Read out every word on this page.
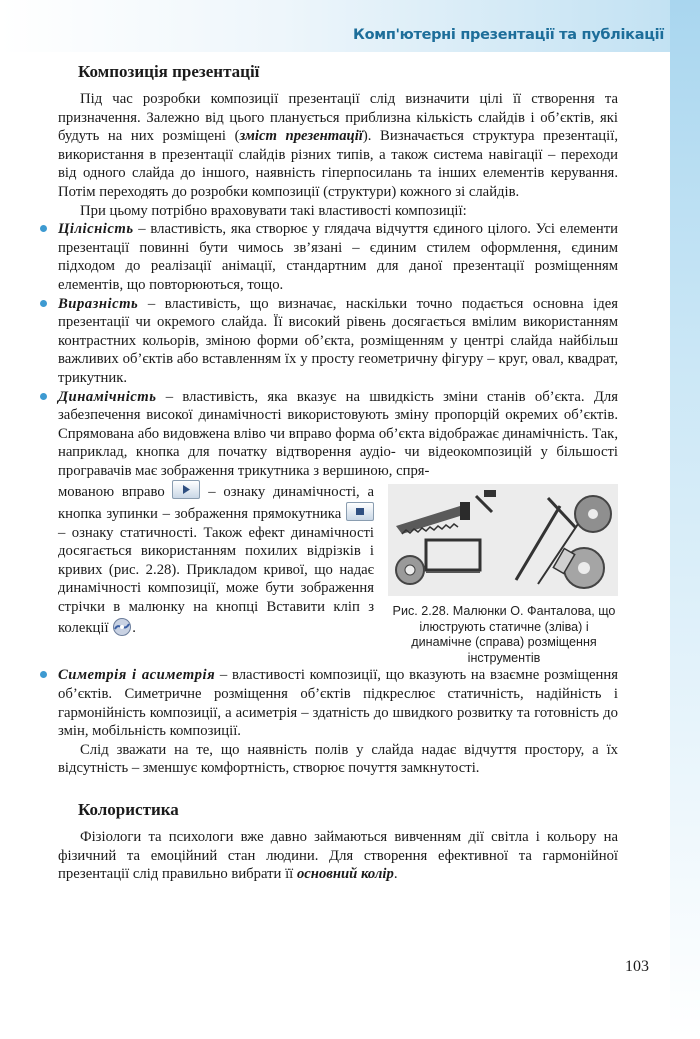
Комп'ютерні презентації та публікації
Композиція презентації

Під час розробки композиції презентації слід визначити цілі її створення та призначення. Залежно від цього планується приблизна кількість слайдів і об’єктів, які будуть на них розміщені (зміст презентації). Визначається структура презентації, використання в презентації слайдів різних типів, а також система навігації – переходи від одного слайда до іншого, наявність гіперпосилань та інших елементів керування. Потім переходять до розробки композиції (структури) кожного зі слайдів.

При цьому потрібно враховувати такі властивості композиції:

Цілісність – властивість, яка створює у глядача відчуття єдиного цілого. Усі елементи презентації повинні бути чимось зв’язані – єдиним стилем оформлення, єдиним підходом до реалізації анімації, стандартним для даної презентації розміщенням елементів, що повторюються, тощо.

Виразність – властивість, що визначає, наскільки точно подається основна ідея презентації чи окремого слайда. Її високий рівень досягається вмілим використанням контрастних кольорів, зміною форми об’єкта, розміщенням у центрі слайда найбільш важливих об’єктів або вставленням їх у просту геометричну фігуру – круг, овал, квадрат, трикутник.

Динамічність – властивість, яка вказує на швидкість зміни станів об’єкта. Для забезпечення високої динамічності використовують зміну пропорцій окремих об’єктів. Спрямована або видовжена вліво чи вправо форма об’єкта відображає динамічність. Так, наприклад, кнопка для початку відтворення аудіо- чи відеокомпозицій у більшості програвачів має зображення трикутника з вершиною, спря-

мованою вправо
– ознаку динамічності, а кнопка зупинки – зображення прямокутника
– ознаку статичності. Також ефект динамічності досягається використанням похилих відрізків і кривих (рис. 2.28). Прикладом кривої, що надає динамічності композиції, може бути зображення стрічки в малюнку на кнопці Вставити кліп з колекції .

Рис. 2.28. Малюнки О. Фанталова, що ілюструють статичне (зліва) і динамічне (справа) розміщення інструментів

Симетрія і асиметрія – властивості композиції, що вказують на взаємне розміщення об’єктів. Симетричне розміщення об’єктів підкреслює статичність, надійність і гармонійність композиції, а асиметрія – здатність до швидкого розвитку та готовність до змін, мобільність композиції.

Слід зважати на те, що наявність полів у слайда надає відчуття простору, а їх відсутність – зменшує комфортність, створює почуття замкнутості.

Колористика

Фізіологи та психологи вже давно займаються вивченням дії світла і кольору на фізичний та емоційний стан людини. Для створення ефективної та гармонійної презентації слід правильно вибрати її основний колір.

103
